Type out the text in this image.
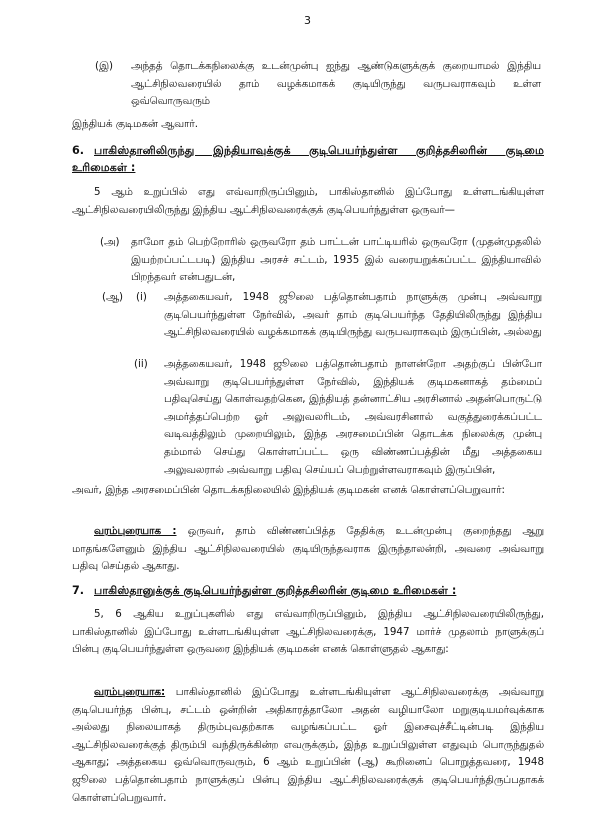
3
(இ) அந்தத் தொடக்கநிலைக்கு உடன்முன்பு ஐந்து ஆண்டுகளுக்குக் குறையாமல் இந்திய ஆட்சிநிலவரையில் தாம் வழக்கமாகக் குடியிருந்து வருபவராகவும் உள்ள ஒவ்வொருவரும்
இந்தியக் குடிமகன் ஆவார்.
6. பாகிஸ்தானிலிருந்து இந்தியாவுக்குக் குடிபெயர்ந்துள்ள குறித்தசிலரின் குடிமை உரிமைகள் :
5 ஆம் உறுப்பில் எது எவ்வாறிருப்பினும், பாகிஸ்தானில் இப்போது உள்ளடங்கியுள்ள ஆட்சிநிலவரையிலிருந்து இந்திய ஆட்சிநிலவரைக்குக் குடிபெயர்ந்துள்ள ஒருவர்—
(அ) தாமோ தம் பெற்றோரில் ஒருவரோ தம் பாட்டன் பாட்டியரில் ஒருவரோ (முதன்முதலில் இயற்றப்பட்டபடி) இந்திய அரசச் சட்டம், 1935 இல் வரையறுக்கப்பட்ட இந்தியாவில் பிறந்தவர் என்பதுடன்,
(ஆ) (i) அத்தகையவர், 1948 ஜூலை பத்தொன்பதாம் நாளுக்கு முன்பு அவ்வாறு குடிபெயர்ந்துள்ள நேர்வில், அவர் தாம் குடிபெயர்ந்த தேதியிலிருந்து இந்திய ஆட்சிநிலவரையில் வழக்கமாகக் குடியிருந்து வருபவராகவும் இருப்பின், அல்லது
(ii) அத்தகையவர், 1948 ஜூலை பத்தொன்பதாம் நாளன்றோ அதற்குப் பின்போ அவ்வாறு குடிபெயர்ந்துள்ள நேர்வில், இந்தியக் குடிமகனாகத் தம்மைப் பதிவுசெய்து கொள்வதற்கென, இந்தியத் தன்னாட்சிய அரசினால் அதன்பொருட்டு அமர்த்தப்பெற்ற ஓர் அலுவலரிடம், அவ்வரசினால் வகுத்துரைக்கப்பட்ட வடிவத்திலும் முறையிலும், இந்த அரசமைப்பின் தொடக்க நிலைக்கு முன்பு தம்மால் செய்து கொள்ளப்பட்ட ஒரு விண்ணப்பத்தின் மீது அத்தகைய அலுவலரால் அவ்வாறு பதிவு செய்யப் பெற்றுள்ளவராகவும் இருப்பின்,
அவர், இந்த அரசமைப்பின் தொடக்கநிலையில் இந்தியக் குடிமகன் எனக் கொள்ளப்பெறுவார்:
வரம்புரையாக : ஒருவர், தாம் விண்ணப்பித்த தேதிக்கு உடன்முன்பு குறைந்தது ஆறு மாதங்களேனும் இந்திய ஆட்சிநிலவரையில் குடியிருந்தவராக இருந்தாலன்றி, அவரை அவ்வாறு பதிவு செய்தல் ஆகாது.
7. பாகிஸ்தானுக்குக் குடிபெயர்ந்துள்ள குறித்தசிலரின் குடிமை உரிமைகள் :
5, 6 ஆகிய உறுப்புகளில் எது எவ்வாறிருப்பினும், இந்திய ஆட்சிநிலவரையிலிருந்து, பாகிஸ்தானில் இப்போது உள்ளடங்கியுள்ள ஆட்சிநிலவரைக்கு, 1947 மார்ச் முதலாம் நாளுக்குப் பின்பு குடிபெயர்ந்துள்ள ஒருவரை இந்தியக் குடிமகன் எனக் கொள்ளுதல் ஆகாது:
வரம்புரையாக: பாகிஸ்தானில் இப்போது உள்ளடங்கியுள்ள ஆட்சிநிலவரைக்கு அவ்வாறு குடிபெயர்ந்த பின்பு, சட்டம் ஒன்றின் அதிகாரத்தாலோ அதன் வழியாலோ மறுகுடியமர்வுக்காக அல்லது நிலையாகத் திரும்புவதற்காக வழங்கப்பட்ட ஓர் இசைவுச்சீட்டின்படி இந்திய ஆட்சிநிலவரைக்குத் திரும்பி வந்திருக்கின்ற எவருக்கும், இந்த உறுப்பிலுள்ள எதுவும் பொருந்துதல் ஆகாது; அத்தகைய ஒவ்வொருவரும், 6 ஆம் உறுப்பின் (ஆ) கூறினைப் பொறுத்தவரை, 1948 ஜூலை பத்தொன்பதாம் நாளுக்குப் பின்பு இந்திய ஆட்சிநிலவரைக்குக் குடிபெயர்ந்திருப்பதாகக் கொள்ளப்பெறுவார்.
